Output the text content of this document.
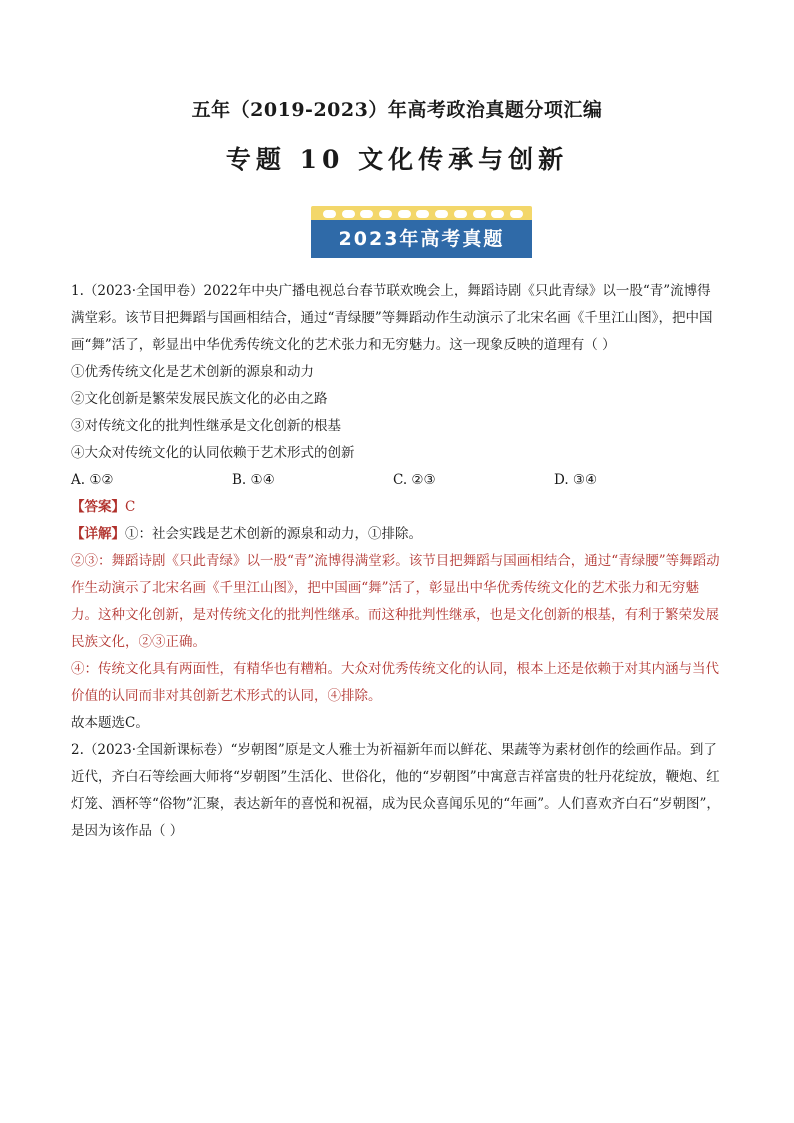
五年（2019-2023）年高考政治真题分项汇编
专题 10 文化传承与创新
2023年高考真题

1.（2023·全国甲卷）2022年中央广播电视总台春节联欢晚会上，舞蹈诗剧《只此青绿》以一股“青”流博得满堂彩。该节目把舞蹈与国画相结合，通过“青绿腰”等舞蹈动作生动演示了北宋名画《千里江山图》，把中国画“舞”活了，彰显出中华优秀传统文化的艺术张力和无穷魅力。这一现象反映的道理有（ ）

①优秀传统文化是艺术创新的源泉和动力

②文化创新是繁荣发展民族文化的必由之路

③对传统文化的批判性继承是文化创新的根基

④大众对传统文化的认同依赖于艺术形式的创新

A. ①②	B. ①④	C. ②③	D. ③④

【答案】C

【详解】①：社会实践是艺术创新的源泉和动力，①排除。

②③：舞蹈诗剧《只此青绿》以一股“青”流博得满堂彩。该节目把舞蹈与国画相结合，通过“青绿腰”等舞蹈动作生动演示了北宋名画《千里江山图》，把中国画“舞”活了，彰显出中华优秀传统文化的艺术张力和无穷魅力。这种文化创新，是对传统文化的批判性继承。而这种批判性继承，也是文化创新的根基，有利于繁荣发展民族文化，②③正确。

④：传统文化具有两面性，有精华也有糟粕。大众对优秀传统文化的认同，根本上还是依赖于对其内涵与当代价值的认同而非对其创新艺术形式的认同，④排除。

故本题选C。

2.（2023·全国新课标卷）“岁朝图”原是文人雅士为祈福新年而以鲜花、果蔬等为素材创作的绘画作品。到了近代，齐白石等绘画大师将“岁朝图”生活化、世俗化，他的“岁朝图”中寓意吉祥富贵的牡丹花绽放，鞭炮、红灯笼、酒杯等“俗物”汇聚，表达新年的喜悦和祝福，成为民众喜闻乐见的“年画”。人们喜欢齐白石“岁朝图”，是因为该作品（ ）
